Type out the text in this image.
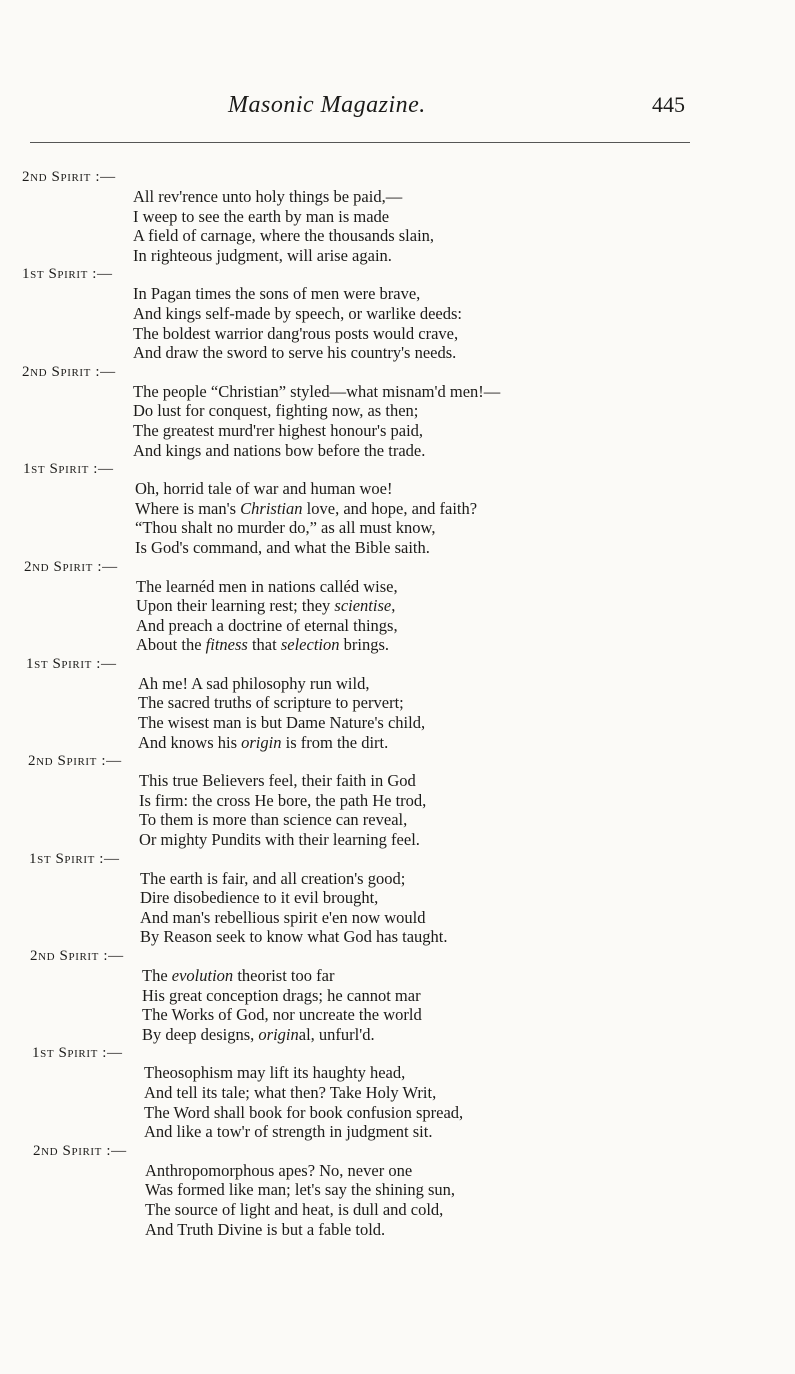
Masonic Magazine.	445
2nd Spirit :—
All rev'rence unto holy things be paid,—
I weep to see the earth by man is made
A field of carnage, where the thousands slain,
In righteous judgment, will arise again.
1st Spirit :—
In Pagan times the sons of men were brave,
And kings self-made by speech, or warlike deeds:
The boldest warrior dang'rous posts would crave,
And draw the sword to serve his country's needs.
2nd Spirit :—
The people “Christian” styled—what misnam'd men!—
Do lust for conquest, fighting now, as then;
The greatest murd'rer highest honour's paid,
And kings and nations bow before the trade.
1st Spirit :—
Oh, horrid tale of war and human woe!
Where is man's Christian love, and hope, and faith?
“Thou shalt no murder do,” as all must know,
Is God's command, and what the Bible saith.
2nd Spirit :—
The learnéd men in nations calléd wise,
Upon their learning rest; they scientise,
And preach a doctrine of eternal things,
About the fitness that selection brings.
1st Spirit :—
Ah me! A sad philosophy run wild,
The sacred truths of scripture to pervert;
The wisest man is but Dame Nature's child,
And knows his origin is from the dirt.
2nd Spirit :—
This true Believers feel, their faith in God
Is firm: the cross He bore, the path He trod,
To them is more than science can reveal,
Or mighty Pundits with their learning feel.
1st Spirit :—
The earth is fair, and all creation's good;
Dire disobedience to it evil brought,
And man's rebellious spirit e'en now would
By Reason seek to know what God has taught.
2nd Spirit :—
The evolution theorist too far
His great conception drags; he cannot mar
The Works of God, nor uncreate the world
By deep designs, original, unfurl'd.
1st Spirit :—
Theosophism may lift its haughty head,
And tell its tale; what then? Take Holy Writ,
The Word shall book for book confusion spread,
And like a tow'r of strength in judgment sit.
2nd Spirit :—
Anthropomorphous apes? No, never one
Was formed like man; let's say the shining sun,
The source of light and heat, is dull and cold,
And Truth Divine is but a fable told.
